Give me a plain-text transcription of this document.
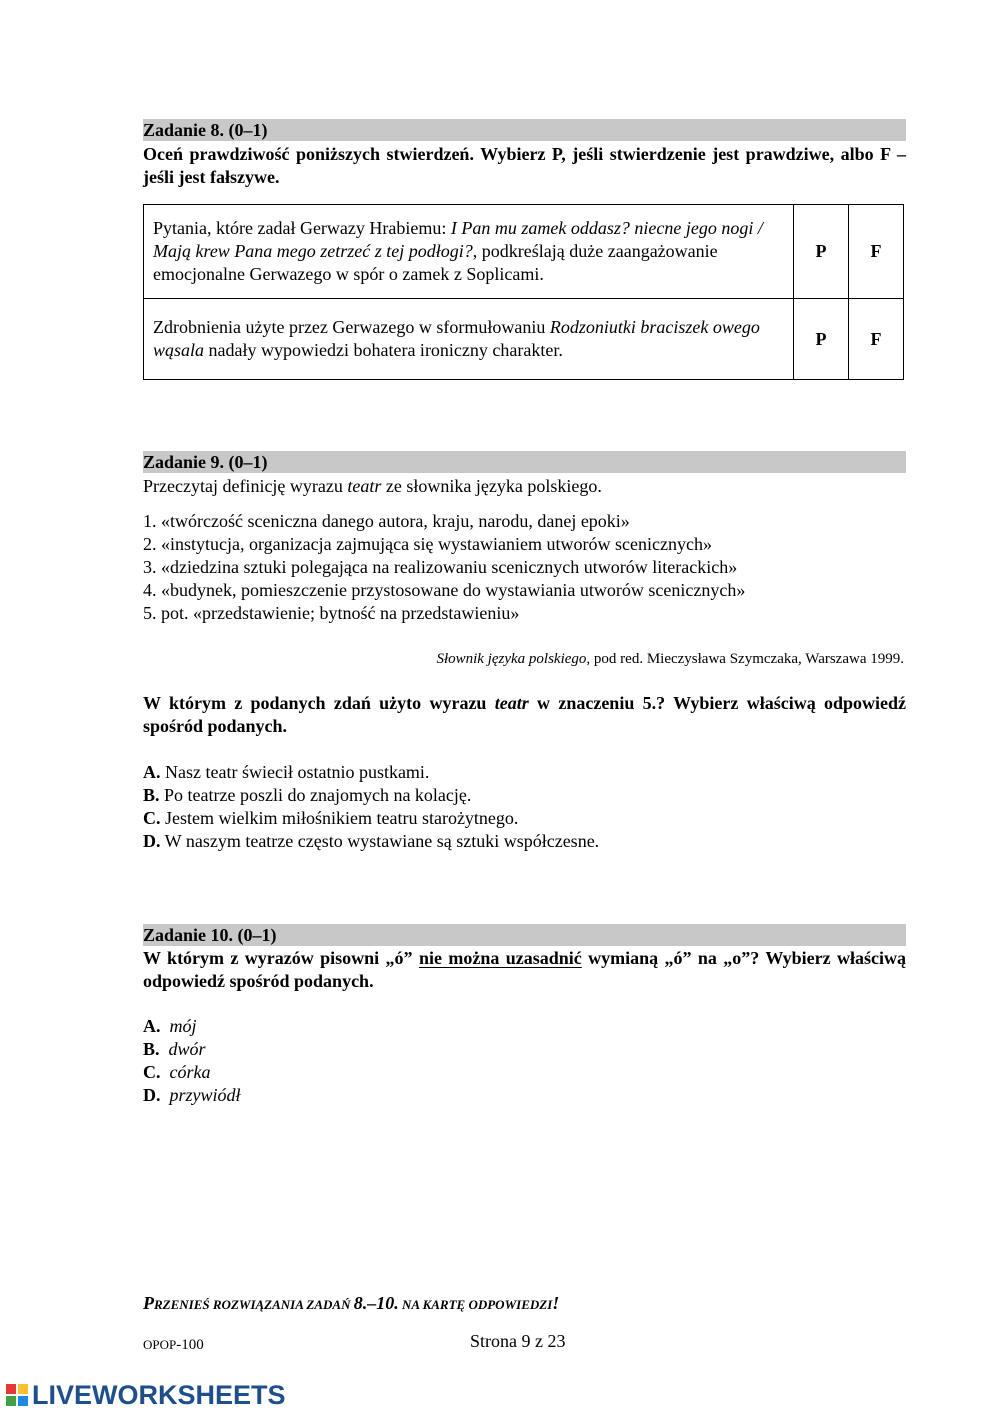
Zadanie 8. (0–1)
Oceń prawdziwość poniższych stwierdzeń. Wybierz P, jeśli stwierdzenie jest prawdziwe, albo F – jeśli jest fałszywe.
Pytania, które zadał Gerwazy Hrabiemu: I Pan mu zamek oddasz? niecne jego nogi / Mają krew Pana mego zetrzeć z tej podłogi?, podkreślają duże zaangażowanie emocjonalne Gerwazego w spór o zamek z Soplicami.	P	F
Zdrobnienia użyte przez Gerwazego w sformułowaniu Rodzoniutki braciszek owego wąsala nadały wypowiedzi bohatera ironiczny charakter.	P	F
Zadanie 9. (0–1)
Przeczytaj definicję wyrazu teatr ze słownika języka polskiego.
1. «twórczość sceniczna danego autora, kraju, narodu, danej epoki»
2. «instytucja, organizacja zajmująca się wystawianiem utworów scenicznych»
3. «dziedzina sztuki polegająca na realizowaniu scenicznych utworów literackich»
4. «budynek, pomieszczenie przystosowane do wystawiania utworów scenicznych»
5. pot. «przedstawienie; bytność na przedstawieniu»
Słownik języka polskiego, pod red. Mieczysława Szymczaka, Warszawa 1999.
W którym z podanych zdań użyto wyrazu teatr w znaczeniu 5.? Wybierz właściwą odpowiedź spośród podanych.
A. Nasz teatr świecił ostatnio pustkami.
B. Po teatrze poszli do znajomych na kolację.
C. Jestem wielkim miłośnikiem teatru starożytnego.
D. W naszym teatrze często wystawiane są sztuki współczesne.
Zadanie 10. (0–1)
W którym z wyrazów pisowni „ó” nie można uzasadnić wymianą „ó” na „o”? Wybierz właściwą odpowiedź spośród podanych.
A. mój
B. dwór
C. córka
D. przywiódł
PRZENIEŚ ROZWIĄZANIA ZADAŃ 8.–10. NA KARTĘ ODPOWIEDZI!
OPOP-100	Strona 9 z 23
LIVEWORKSHEETS
